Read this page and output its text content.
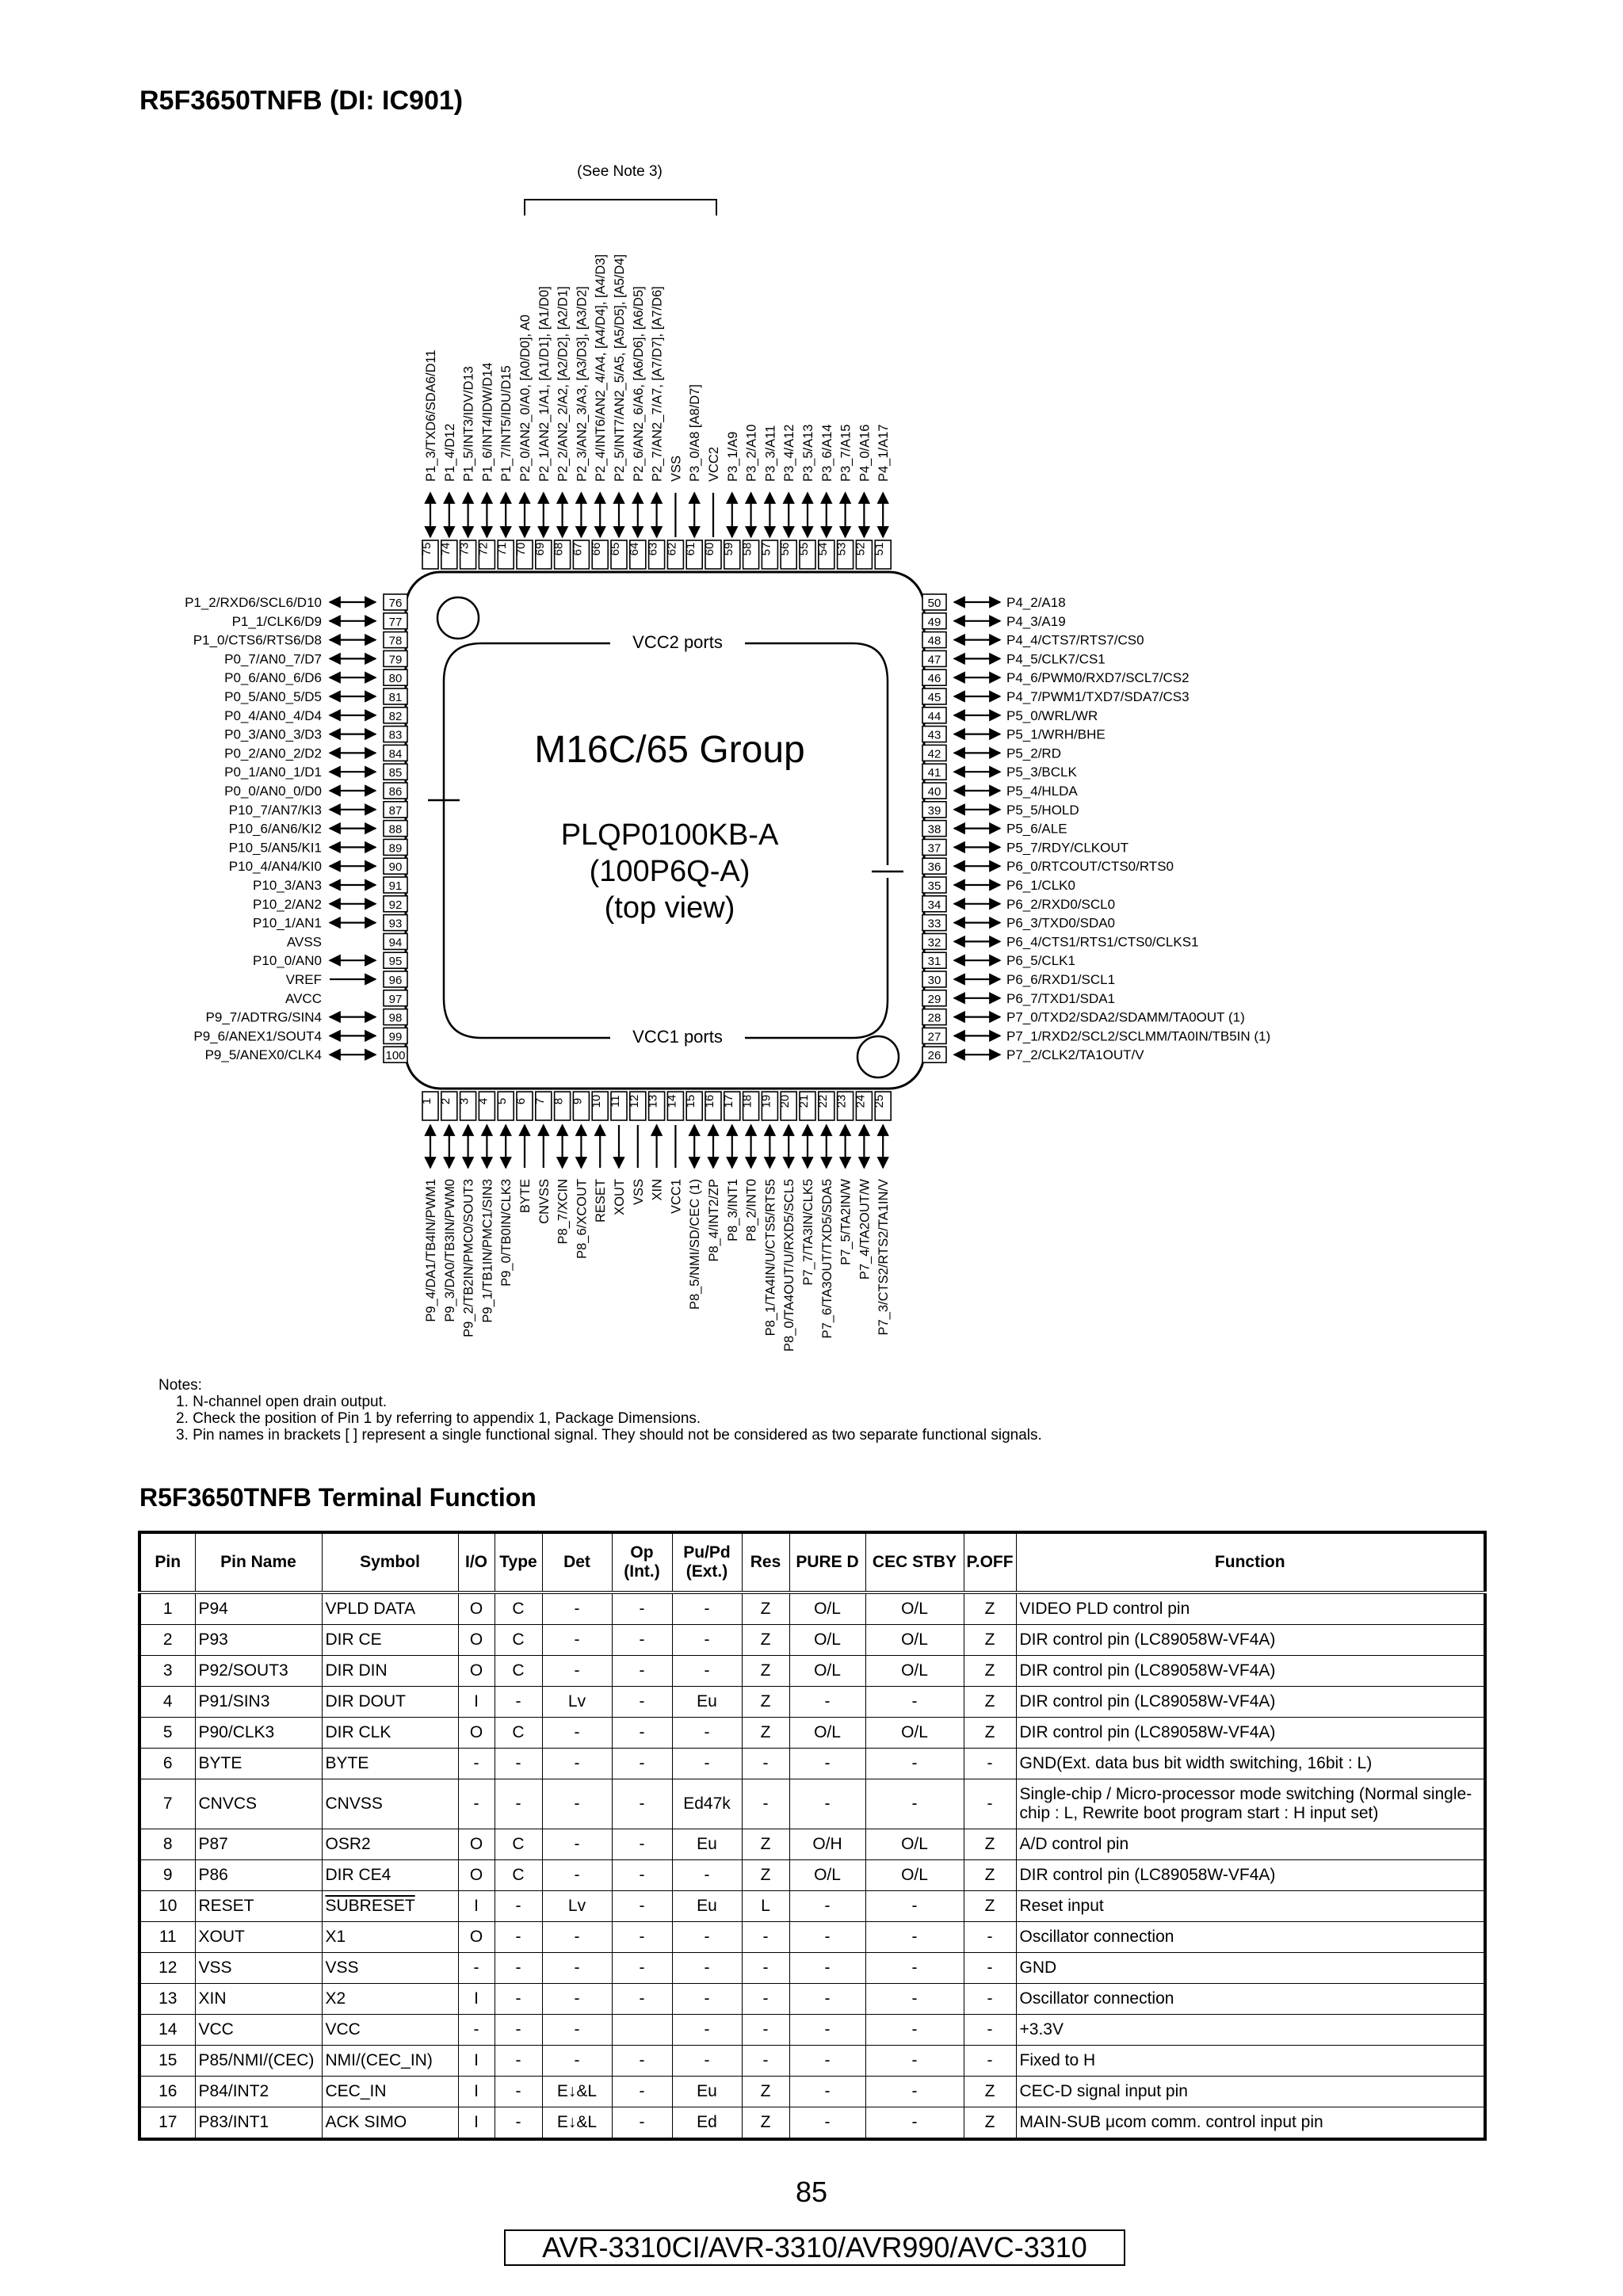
R5F3650TNFB (DI: IC901)
VCC2 ports
VCC1 ports
M16C/65 Group
PLQP0100KB-A
(100P6Q-A)
(top view)
(See Note 3)
75
P1_3/TXD6/SDA6/D11
74
P1_4/D12
73
P1_5/INT3/IDV/D13
72
P1_6/INT4/IDW/D14
71
P1_7/INT5/IDU/D15
70
P2_0/AN2_0/A0, [A0/D0], A0
69
P2_1/AN2_1/A1, [A1/D1], [A1/D0]
68
P2_2/AN2_2/A2, [A2/D2], [A2/D1]
67
P2_3/AN2_3/A3, [A3/D3], [A3/D2]
66
P2_4/INT6/AN2_4/A4, [A4/D4], [A4/D3]
65
P2_5/INT7/AN2_5/A5, [A5/D5], [A5/D4]
64
P2_6/AN2_6/A6, [A6/D6], [A6/D5]
63
P2_7/AN2_7/A7, [A7/D7], [A7/D6]
62
VSS
61
P3_0/A8 [A8/D7]
60
VCC2
59
P3_1/A9
58
P3_2/A10
57
P3_3/A11
56
P3_4/A12
55
P3_5/A13
54
P3_6/A14
53
P3_7/A15
52
P4_0/A16
51
P4_1/A17
1
P9_4/DA1/TB4IN/PWM1
2
P9_3/DA0/TB3IN/PWM0
3
P9_2/TB2IN/PMC0/SOUT3
4
P9_1/TB1IN/PMC1/SIN3
5
P9_0/TB0IN/CLK3
6
BYTE
7
CNVSS
8
P8_7/XCIN
9
P8_6/XCOUT
10
RESET
11
XOUT
12
VSS
13
XIN
14
VCC1
15
P8_5/NMI/SD/CEC (1)
16
P8_4/INT2/ZP
17
P8_3/INT1
18
P8_2/INT0
19
P8_1/TA4IN/U/CTS5/RTS5
20
P8_0/TA4OUT/U/RXD5/SCL5
21
P7_7/TA3IN/CLK5
22
P7_6/TA3OUT/TXD5/SDA5
23
P7_5/TA2IN/W
24
P7_4/TA2OUT/W
25
P7_3/CTS2/RTS2/TA1IN/V
76
P1_2/RXD6/SCL6/D10
77
P1_1/CLK6/D9
78
P1_0/CTS6/RTS6/D8
79
P0_7/AN0_7/D7
80
P0_6/AN0_6/D6
81
P0_5/AN0_5/D5
82
P0_4/AN0_4/D4
83
P0_3/AN0_3/D3
84
P0_2/AN0_2/D2
85
P0_1/AN0_1/D1
86
P0_0/AN0_0/D0
87
P10_7/AN7/KI3
88
P10_6/AN6/KI2
89
P10_5/AN5/KI1
90
P10_4/AN4/KI0
91
P10_3/AN3
92
P10_2/AN2
93
P10_1/AN1
94
AVSS
95
P10_0/AN0
96
VREF
97
AVCC
98
P9_7/ADTRG/SIN4
99
P9_6/ANEX1/SOUT4
100
P9_5/ANEX0/CLK4
50	P4_2/A18
49	P4_3/A19
48	P4_4/CTS7/RTS7/CS0
47	P4_5/CLK7/CS1
46	P4_6/PWM0/RXD7/SCL7/CS2
45	P4_7/PWM1/TXD7/SDA7/CS3
44	P5_0/WRL/WR
43	P5_1/WRH/BHE
42	P5_2/RD
41	P5_3/BCLK
40	P5_4/HLDA
39	P5_5/HOLD
38	P5_6/ALE
37	P5_7/RDY/CLKOUT
36	P6_0/RTCOUT/CTS0/RTS0
35	P6_1/CLK0
34	P6_2/RXD0/SCL0
33	P6_3/TXD0/SDA0
32	P6_4/CTS1/RTS1/CTS0/CLKS1
31	P6_5/CLK1
30	P6_6/RXD1/SCL1
29	P6_7/TXD1/SDA1
28	P7_0/TXD2/SDA2/SDAMM/TA0OUT (1)
27	P7_1/RXD2/SCL2/SCLMM/TA0IN/TB5IN (1)
26	P7_2/CLK2/TA1OUT/V
Notes:
1. N-channel open drain output.
2. Check the position of Pin 1 by referring to appendix 1, Package Dimensions.
3. Pin names in brackets [ ] represent a single functional signal. They should not be considered as two separate functional signals.
R5F3650TNFB Terminal Function
Pin	Pin Name	Symbol	I/O	Type	Det	Op (Int.)	Pu/Pd (Ext.)	Res	PURE D	CEC STBY	P.OFF	Function
1	P94	VPLD DATA	O	C	-	-	-	Z	O/L	O/L	Z	VIDEO PLD control pin
2	P93	DIR CE	O	C	-	-	-	Z	O/L	O/L	Z	DIR control pin (LC89058W-VF4A)
3	P92/SOUT3	DIR DIN	O	C	-	-	-	Z	O/L	O/L	Z	DIR control pin (LC89058W-VF4A)
4	P91/SIN3	DIR DOUT	I	-	Lv	-	Eu	Z	-	-	Z	DIR control pin (LC89058W-VF4A)
5	P90/CLK3	DIR CLK	O	C	-	-	-	Z	O/L	O/L	Z	DIR control pin (LC89058W-VF4A)
6	BYTE	BYTE	-	-	-	-	-	-	-	-	-	GND(Ext. data bus bit width switching, 16bit : L)
7	CNVCS	CNVSS	-	-	-	-	Ed47k	-	-	-	-	Single-chip / Micro-processor mode switching (Normal single-chip : L, Rewrite boot program start : H input set)
8	P87	OSR2	O	C	-	-	Eu	Z	O/H	O/L	Z	A/D control pin
9	P86	DIR CE4	O	C	-	-	-	Z	O/L	O/L	Z	DIR control pin (LC89058W-VF4A)
10	RESET	SUBRESET	I	-	Lv	-	Eu	L	-	-	Z	Reset input
11	XOUT	X1	O	-	-	-	-	-	-	-	-	Oscillator connection
12	VSS	VSS	-	-	-	-	-	-	-	-	-	GND
13	XIN	X2	I	-	-	-	-	-	-	-	-	Oscillator connection
14	VCC	VCC	-	-	-		-	-	-	-	-	+3.3V
15	P85/NMI/(CEC)	NMI/(CEC_IN)	I	-	-	-	-	-	-	-	-	Fixed to H
16	P84/INT2	CEC_IN	I	-	E↓&L	-	Eu	Z	-	-	Z	CEC-D signal input pin
17	P83/INT1	ACK SIMO	I	-	E↓&L	-	Ed	Z	-	-	Z	MAIN-SUB μcom comm. control input pin
85
AVR-3310CI/AVR-3310/AVR990/AVC-3310
